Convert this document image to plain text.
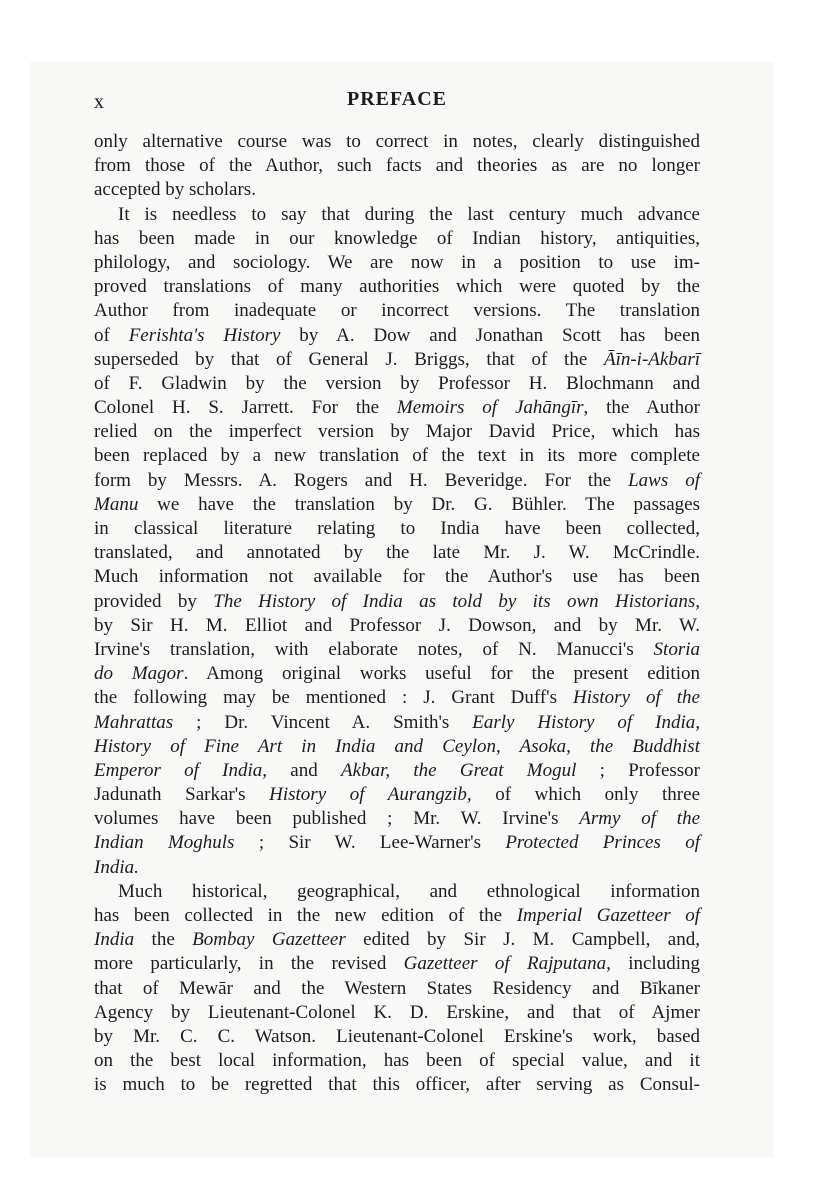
x	PREFACE
only alternative course was to correct in notes, clearly distinguished
from those of the Author, such facts and theories as are no longer
accepted by scholars.
It is needless to say that during the last century much advance
has been made in our knowledge of Indian history, antiquities,
philology, and sociology. We are now in a position to use im-
proved translations of many authorities which were quoted by the
Author from inadequate or incorrect versions. The translation
of Ferishta's History by A. Dow and Jonathan Scott has been
superseded by that of General J. Briggs, that of the Āīn-i-Akbarī
of F. Gladwin by the version by Professor H. Blochmann and
Colonel H. S. Jarrett. For the Memoirs of Jahāngīr, the Author
relied on the imperfect version by Major David Price, which has
been replaced by a new translation of the text in its more complete
form by Messrs. A. Rogers and H. Beveridge. For the Laws of
Manu we have the translation by Dr. G. Bühler. The passages
in classical literature relating to India have been collected,
translated, and annotated by the late Mr. J. W. McCrindle.
Much information not available for the Author's use has been
provided by The History of India as told by its own Historians,
by Sir H. M. Elliot and Professor J. Dowson, and by Mr. W.
Irvine's translation, with elaborate notes, of N. Manucci's Storia
do Magor. Among original works useful for the present edition
the following may be mentioned : J. Grant Duff's History of the
Mahrattas ; Dr. Vincent A. Smith's Early History of India,
History of Fine Art in India and Ceylon, Asoka, the Buddhist
Emperor of India, and Akbar, the Great Mogul ; Professor
Jadunath Sarkar's History of Aurangzib, of which only three
volumes have been published ; Mr. W. Irvine's Army of the
Indian Moghuls ; Sir W. Lee-Warner's Protected Princes of
India.
Much historical, geographical, and ethnological information
has been collected in the new edition of the Imperial Gazetteer of
India the Bombay Gazetteer edited by Sir J. M. Campbell, and,
more particularly, in the revised Gazetteer of Rajputana, including
that of Mewār and the Western States Residency and Bīkaner
Agency by Lieutenant-Colonel K. D. Erskine, and that of Ajmer
by Mr. C. C. Watson. Lieutenant-Colonel Erskine's work, based
on the best local information, has been of special value, and it
is much to be regretted that this officer, after serving as Consul-
